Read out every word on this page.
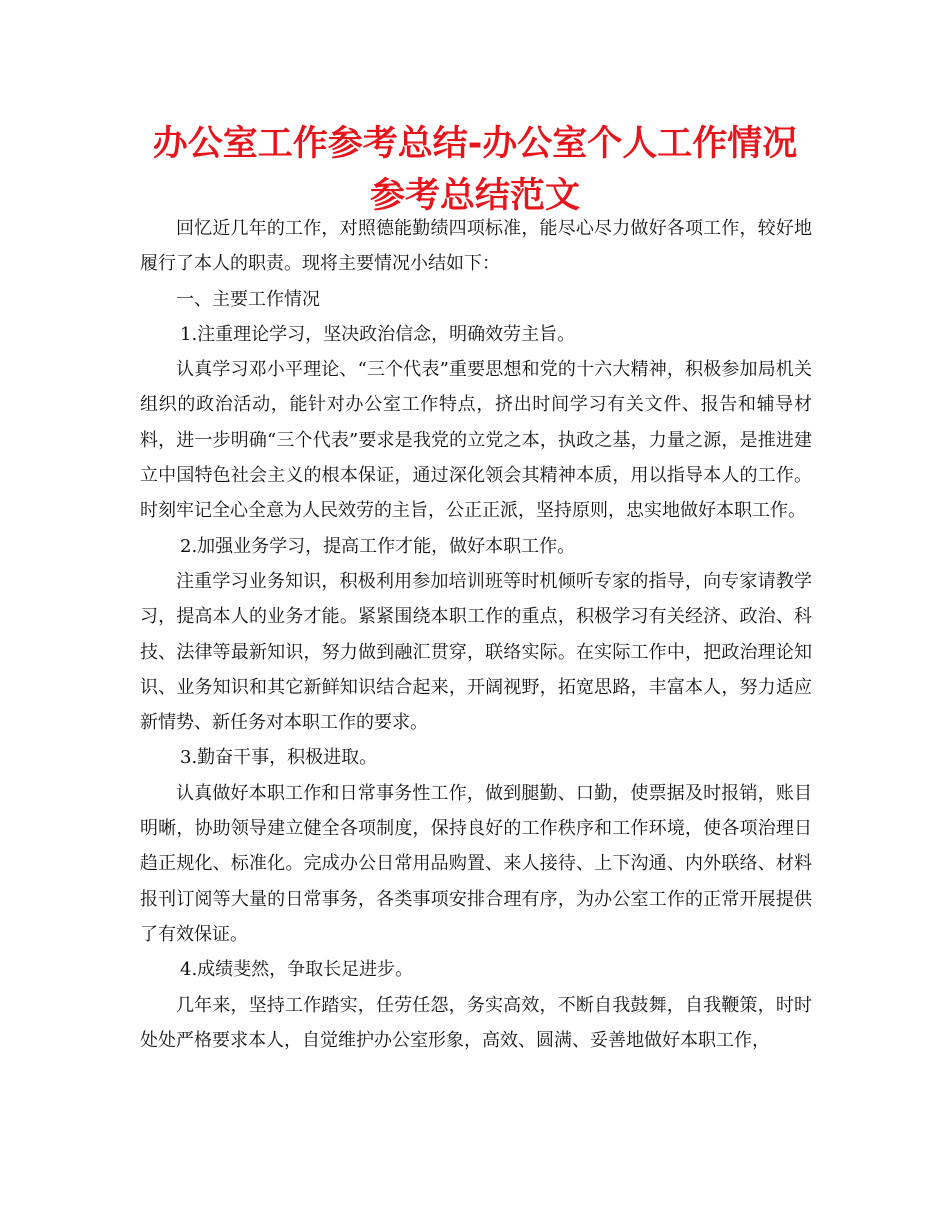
办公室工作参考总结-办公室个人工作情况参考总结范文

回忆近几年的工作，对照德能勤绩四项标准，能尽心尽力做好各项工作，较好地履行了本人的职责。现将主要情况小结如下：

一、主要工作情况

1.注重理论学习，坚决政治信念，明确效劳主旨。

认真学习邓小平理论、“三个代表”重要思想和党的十六大精神，积极参加局机关组织的政治活动，能针对办公室工作特点，挤出时间学习有关文件、报告和辅导材料，进一步明确“三个代表”要求是我党的立党之本，执政之基，力量之源，是推进建立中国特色社会主义的根本保证，通过深化领会其精神本质，用以指导本人的工作。时刻牢记全心全意为人民效劳的主旨，公正正派，坚持原则，忠实地做好本职工作。

2.加强业务学习，提高工作才能，做好本职工作。

注重学习业务知识，积极利用参加培训班等时机倾听专家的指导，向专家请教学习，提高本人的业务才能。紧紧围绕本职工作的重点，积极学习有关经济、政治、科技、法律等最新知识，努力做到融汇贯穿，联络实际。在实际工作中，把政治理论知识、业务知识和其它新鲜知识结合起来，开阔视野，拓宽思路，丰富本人，努力适应新情势、新任务对本职工作的要求。

3.勤奋干事，积极进取。

认真做好本职工作和日常事务性工作，做到腿勤、口勤，使票据及时报销，账目明晰，协助领导建立健全各项制度，保持良好的工作秩序和工作环境，使各项治理日趋正规化、标准化。完成办公日常用品购置、来人接待、上下沟通、内外联络、材料报刊订阅等大量的日常事务，各类事项安排合理有序，为办公室工作的正常开展提供了有效保证。

4.成绩斐然，争取长足进步。

几年来，坚持工作踏实，任劳任怨，务实高效，不断自我鼓舞，自我鞭策，时时处处严格要求本人，自觉维护办公室形象，高效、圆满、妥善地做好本职工作，
